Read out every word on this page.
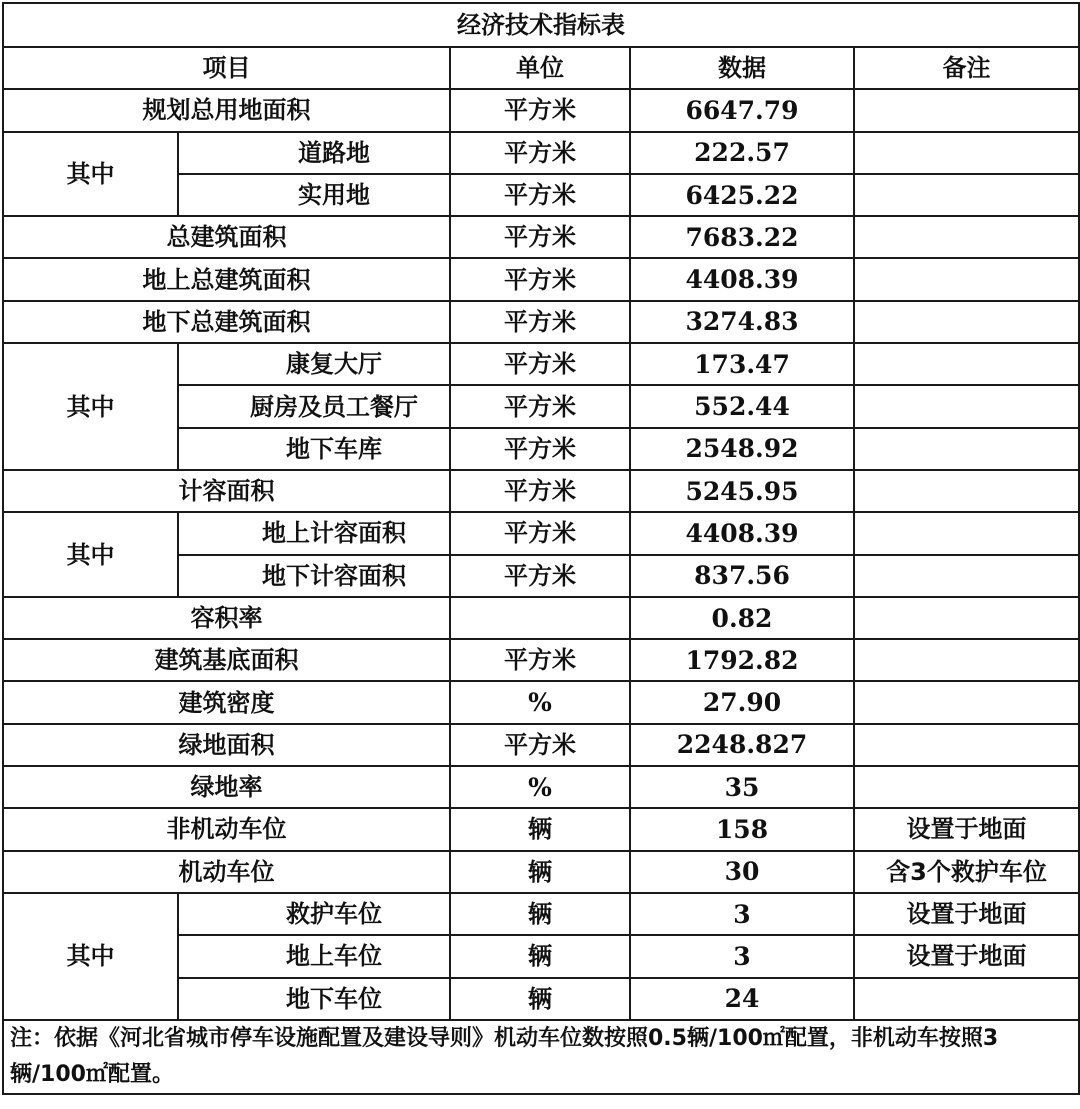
经济技术指标表				
项目		单位	数据	备注
规划总用地面积		平方米	6647.79	
其中	道路地	平方米	222.57	
	实用地	平方米	6425.22	
总建筑面积		平方米	7683.22	
地上总建筑面积		平方米	4408.39	
地下总建筑面积		平方米	3274.83	
其中	康复大厅	平方米	173.47	
	厨房及员工餐厅	平方米	552.44	
	地下车库	平方米	2548.92	
计容面积		平方米	5245.95	
其中	地上计容面积	平方米	4408.39	
	地下计容面积	平方米	837.56	
容积率			0.82	
建筑基底面积		平方米	1792.82	
建筑密度		%	27.90	
绿地面积		平方米	2248.827	
绿地率		%	35	
非机动车位		辆	158	设置于地面
机动车位		辆	30	含3个救护车位
其中	救护车位	辆	3	设置于地面
	地上车位	辆	3	设置于地面
	地下车位	辆	24	
注：依据《河北省城市停车设施配置及建设导则》机动车位数按照0.5辆/100㎡配置，非机动车按照3辆/100㎡配置。				
